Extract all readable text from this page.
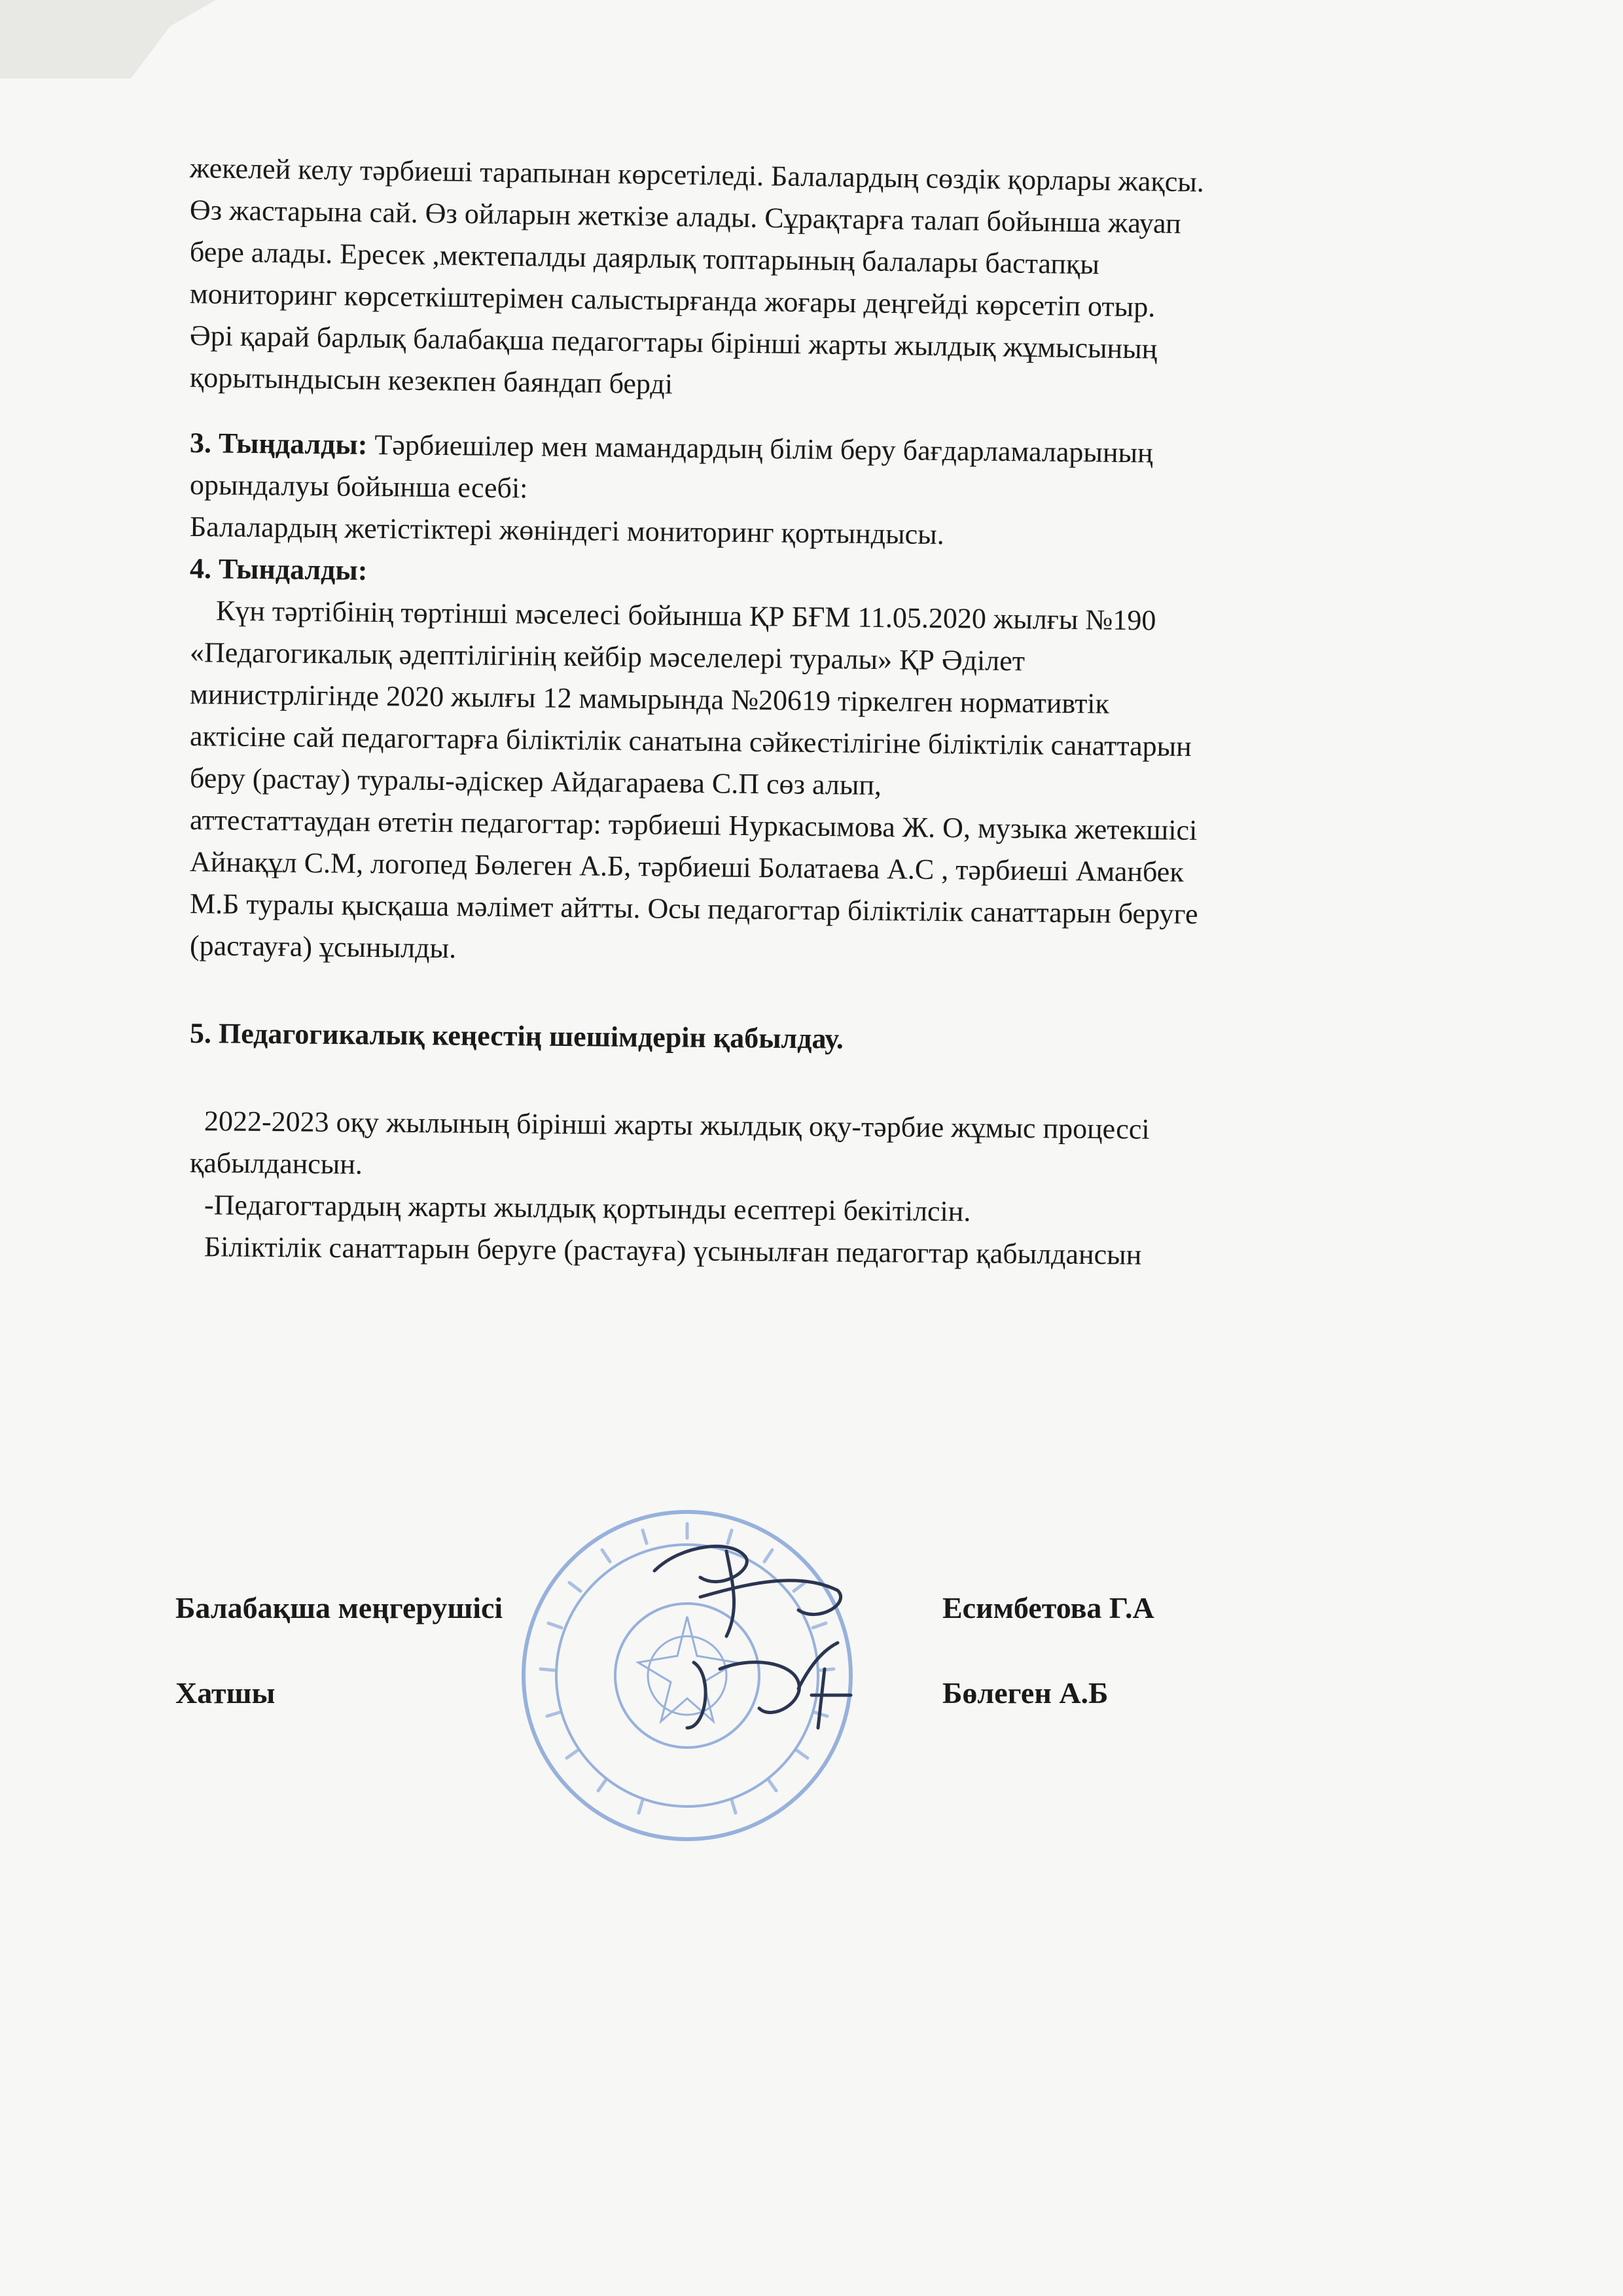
жекелей келу тәрбиеші тарапынан көрсетіледі. Балалардың сөздік қорлары жақсы.
Өз жастарына сай. Өз ойларын жеткізе алады. Сұрақтарға талап бойынша жауап
бере алады. Ересек ,мектепалды даярлық топтарының балалары бастапқы
мониторинг көрсеткіштерімен салыстырғанда жоғары деңгейді көрсетіп отыр.
Әрі қарай барлық балабақша педагогтары бірінші жарты жылдық жұмысының
қорытындысын кезекпен баяндап берді
3. Тыңдалды: Тәрбиешілер мен мамандардың білім беру бағдарламаларының
орындалуы бойынша есебі:
Балалардың жетістіктері жөніндегі мониторинг қортындысы.
4. Тындалды:
Күн тәртібінің төртінші мәселесі бойынша ҚР БҒМ 11.05.2020 жылғы №190
«Педагогикалық әдептілігінің кейбір мәселелері туралы» ҚР Әділет
министрлігінде 2020 жылғы 12 мамырында №20619 тіркелген нормативтік
актісіне сай педагогтарға біліктілік санатына сәйкестілігіне біліктілік санаттарын
беру (растау) туралы-әдіскер Айдагараева С.П сөз алып,
аттестаттаудан өтетін педагогтар: тәрбиеші Нуркасымова Ж. О, музыка жетекшісі
Айнақұл С.М, логопед Бөлеген А.Б, тәрбиеші Болатаева А.С , тәрбиеші Аманбек
М.Б туралы қысқаша мәлімет айтты. Осы педагогтар біліктілік санаттарын беруге
(растауға) ұсынылды.
5. Педагогикалық кеңестің шешімдерін қабылдау.
2022-2023 оқу жылының бірінші жарты жылдық оқу-тәрбие жұмыс процессі
қабылдансын.
-Педагогтардың жарты жылдық қортынды есептері бекітілсін.
Біліктілік санаттарын беруге (растауға) үсынылған педагогтар қабылдансын
Балабақша меңгерушісі	Есимбетова Г.А
Хатшы	Бөлеген А.Б
